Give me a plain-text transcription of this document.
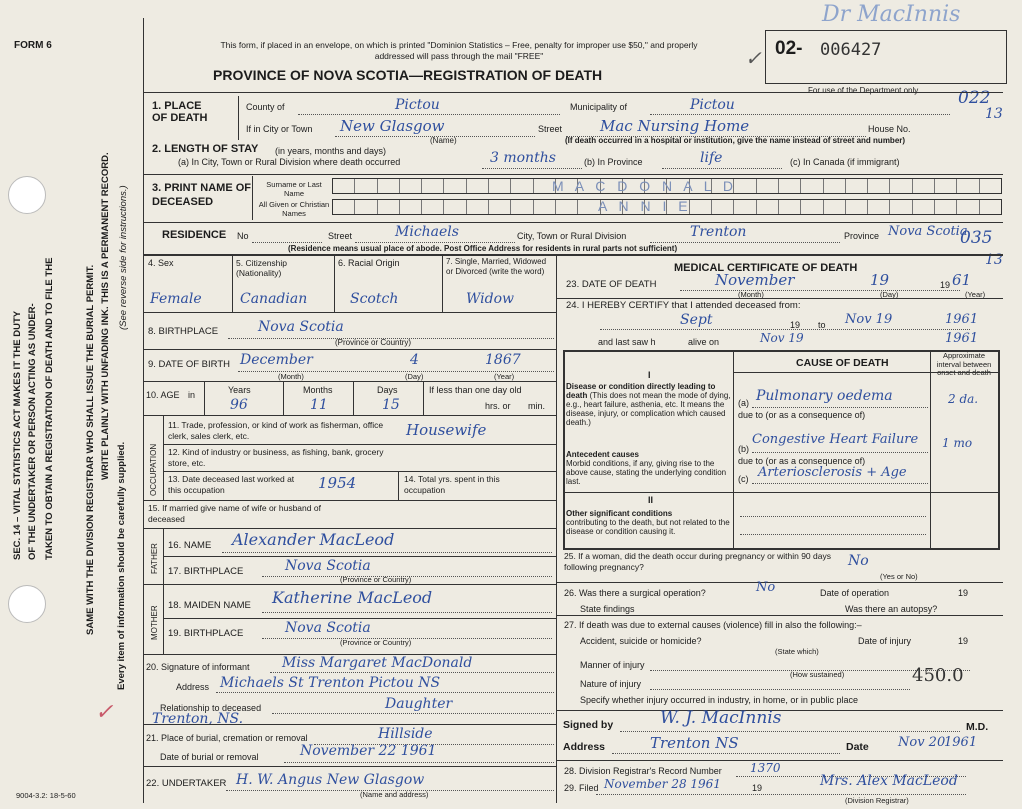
FORM 6
SEC. 14 – VITAL STATISTICS ACT MAKES IT THE DUTY OF THE UNDERTAKER OR PERSON ACTING AS UNDER- TAKEN TO OBTAIN A REGISTRATION OF DEATH AND TO FILE THE	SAME WITH THE DIVISION REGISTRAR WHO SHALL ISSUE THE BURIAL PERMIT. WRITE PLAINLY WITH UNFADING INK. THIS IS A PERMANENT RECORD.
Every item of information should be carefully supplied.
(See reverse side for instructions.)
✓
This form, if placed in an envelope, on which is printed "Dominion Statistics – Free, penalty for improper use $50," and properly addressed will pass through the mail "FREE"
PROVINCE OF NOVA SCOTIA—REGISTRATION OF DEATH
02- 006427
✓
Dr MacInnis
For use of the Department only 022
13
035
13
1. PLACE OF DEATH
County of	Pictou	Municipality of	Pictou
If in City or Town New Glasgow	Street	Mac Nursing Home	House No.
(Name)	(If death occurred in a hospital or institution, give the name instead of street and number)
2. LENGTH OF STAY (in years, months and days)
(a) In City, Town or Rural Division where death occurred	3 months	(b) In Province	life	(c) In Canada (if immigrant)
3. PRINT NAME OF DECEASED
Surname or Last Name
All Given or Christian Names
M A C D O N A L D
A N N I E
RESIDENCE No	Street	Michaels	City, Town or Rural Division	Trenton	Province Nova Scotia
(Residence means usual place of abode. Post Office Address for residents in rural parts not sufficient)
4. Sex	5. Citizenship (Nationality)
6. Racial Origin	7. Single, Married, Widowed or Divorced (write the word)
Female	Canadian	Scotch	Widow
8. BIRTHPLACE	Nova Scotia
(Province or Country)
9. DATE OF BIRTH December	4	1867
(Month)	(Day)	(Year)
10. AGE in	Years	Months	Days
96	11	15
If less than one day old
hrs. or min.
OCCUPATION
11. Trade, profession, or kind of work as fisherman, office clerk, sales clerk, etc.	Housewife
12. Kind of industry or business, as fishing, bank, grocery store, etc.
13. Date deceased last worked at this occupation	1954	14. Total yrs. spent in this occupation
15. If married give name of wife or husband of deceased
FATHER 16. NAME Alexander MacLeod
17. BIRTHPLACE	Nova Scotia
(Province or Country)
MOTHER 18. MAIDEN NAME Katherine MacLeod
19. BIRTHPLACE	Nova Scotia
(Province or Country)
20. Signature of informant Miss Margaret MacDonald
Address Michaels St Trenton Pictou NS
Relationship to deceased	Daughter
Trenton, NS.
21. Place of burial, cremation or removal	Hillside
Date of burial or removal	November 22 1961
22. UNDERTAKER H. W. Angus New Glasgow
(Name and address)
9004-3.2: 18-5-60
MEDICAL CERTIFICATE OF DEATH
23. DATE OF DEATH	November	19	19 61
(Month)	(Day)	(Year)
24. I HEREBY CERTIFY that I attended deceased from:
Sept	19 to Nov 19	1961
and last saw h	alive on	Nov 19	1961
CAUSE OF DEATH
Approximate interval between onset and death
I
Disease or condition directly leading to death (This does not mean the mode of dying, e.g., heart failure, asthenia, etc. It means the disease, injury, or complication which caused death.)
(a) Pulmonary oedema	2 da.
due to (or as a consequence of)
Antecedent causes
Morbid conditions, if any, giving rise to the above cause, stating the underlying condition last.
(b)
Congestive Heart Failure 1 mo
due to (or as a consequence of)
(c) Arteriosclerosis + Age
II
Other significant conditions
contributing to the death, but not related to the disease or condition causing it.
25. If a woman, did the death occur during pregnancy or within 90 days following pregnancy?	No
(Yes or No)
26. Was there a surgical operation?	No	Date of operation	19
State findings	Was there an autopsy?
27. If death was due to external causes (violence) fill in also the following:–
Accident, suicide or homicide?	Date of injury	19
(State which)
Manner of injury
Nature of injury
(How sustained)	450.0
Specify whether injury occurred in industry, in home, or in public place
Signed by	W. J. MacInnis	M.D.
Address	Trenton NS	Date Nov 20
1961
28. Division Registrar's Record Number 1370
29. Filed November 28 1961	19	Mrs. Alex MacLeod
(Division Registrar)
